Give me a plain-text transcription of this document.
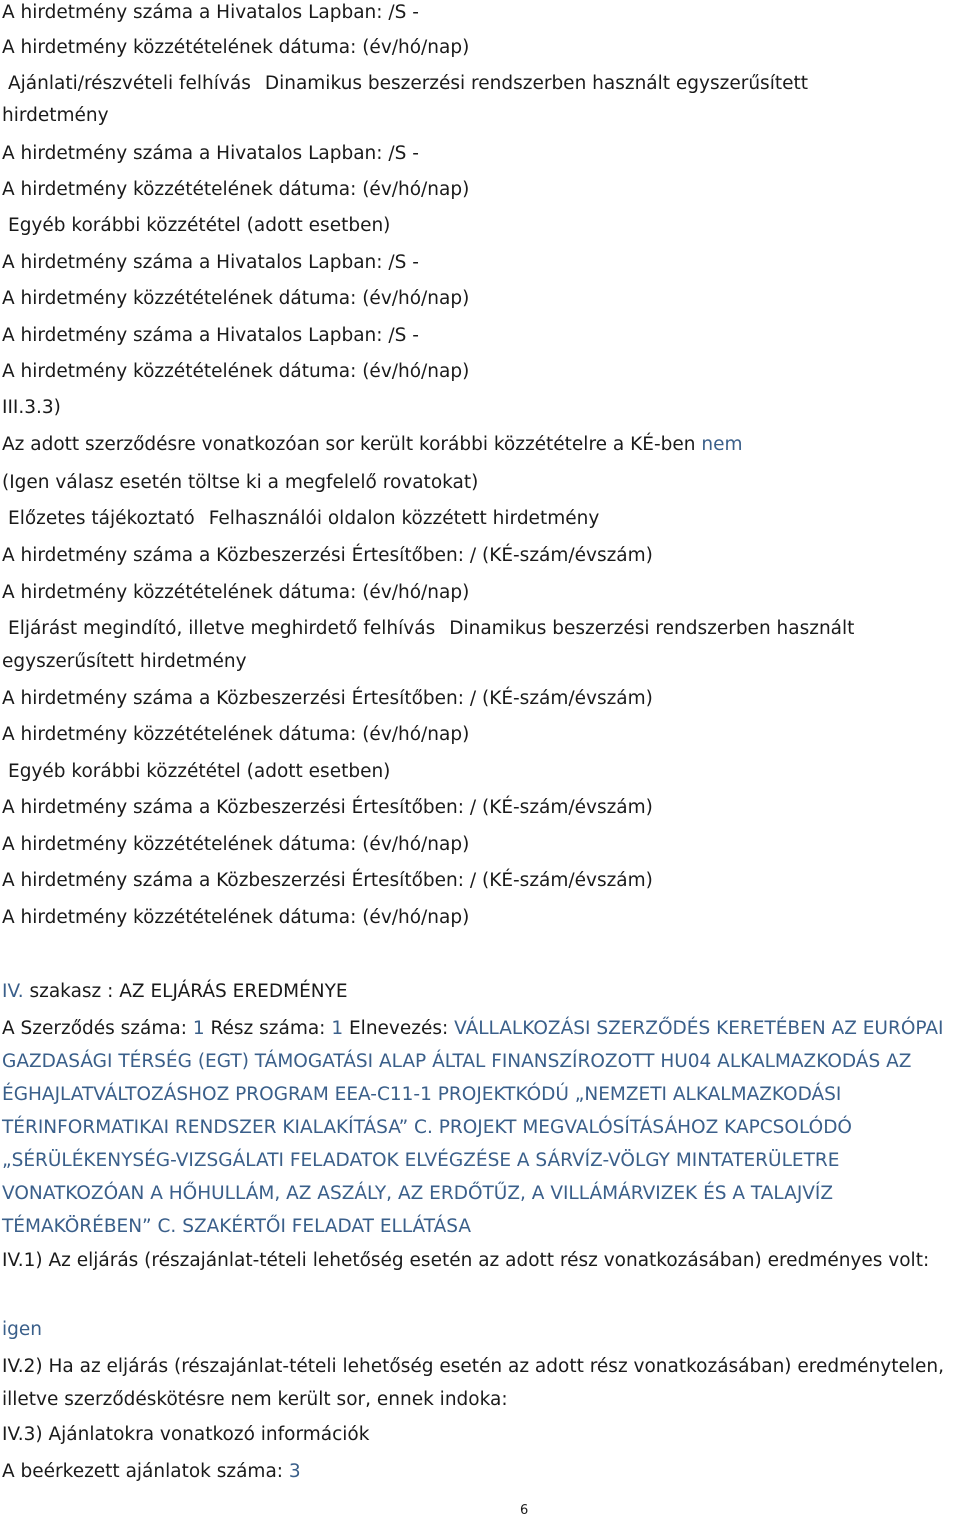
A hirdetmény száma a Hivatalos Lapban: /S -
A hirdetmény közzétételének dátuma: (év/hó/nap)
Ajánlati/részvételi felhívás Dinamikus beszerzési rendszerben használt egyszerűsített
hirdetmény
A hirdetmény száma a Hivatalos Lapban: /S -
A hirdetmény közzétételének dátuma: (év/hó/nap)
Egyéb korábbi közzététel (adott esetben)
A hirdetmény száma a Hivatalos Lapban: /S -
A hirdetmény közzétételének dátuma: (év/hó/nap)
A hirdetmény száma a Hivatalos Lapban: /S -
A hirdetmény közzétételének dátuma: (év/hó/nap)
III.3.3)
Az adott szerződésre vonatkozóan sor került korábbi közzétételre a KÉ-ben nem
(Igen válasz esetén töltse ki a megfelelő rovatokat)
Előzetes tájékoztató Felhasználói oldalon közzétett hirdetmény
A hirdetmény száma a Közbeszerzési Értesítőben: / (KÉ-szám/évszám)
A hirdetmény közzétételének dátuma: (év/hó/nap)
Eljárást megindító, illetve meghirdető felhívás Dinamikus beszerzési rendszerben használt
egyszerűsített hirdetmény
A hirdetmény száma a Közbeszerzési Értesítőben: / (KÉ-szám/évszám)
A hirdetmény közzétételének dátuma: (év/hó/nap)
Egyéb korábbi közzététel (adott esetben)
A hirdetmény száma a Közbeszerzési Értesítőben: / (KÉ-szám/évszám)
A hirdetmény közzétételének dátuma: (év/hó/nap)
A hirdetmény száma a Közbeszerzési Értesítőben: / (KÉ-szám/évszám)
A hirdetmény közzétételének dátuma: (év/hó/nap)
IV. szakasz : AZ ELJÁRÁS EREDMÉNYE
A Szerződés száma: 1 Rész száma: 1 Elnevezés: VÁLLALKOZÁSI SZERZŐDÉS KERETÉBEN AZ EURÓPAI GAZDASÁGI TÉRSÉG (EGT) TÁMOGATÁSI ALAP ÁLTAL FINANSZÍROZOTT HU04 ALKALMAZKODÁS AZ ÉGHAJLATVÁLTOZÁSHOZ PROGRAM EEA-C11-1 PROJEKTKÓDÚ „NEMZETI ALKALMAZKODÁSI TÉRINFORMATIKAI RENDSZER KIALAKÍTÁSA” C. PROJEKT MEGVALÓSÍTÁSÁHOZ KAPCSOLÓDÓ „SÉRÜLÉKENYSÉG-VIZSGÁLATI FELADATOK ELVÉGZÉSE A SÁRVÍZ-VÖLGY MINTATERÜLETRE VONATKOZÓAN A HŐHULLÁM, AZ ASZÁLY, AZ ERDŐTŰZ, A VILLÁMÁRVIZEK ÉS A TALAJVÍZ TÉMAKÖRÉBEN” C. SZAKÉRTŐI FELADAT ELLÁTÁSA
IV.1) Az eljárás (részajánlat-tételi lehetőség esetén az adott rész vonatkozásában) eredményes volt:
igen
IV.2) Ha az eljárás (részajánlat-tételi lehetőség esetén az adott rész vonatkozásában) eredménytelen, illetve szerződéskötésre nem került sor, ennek indoka:
IV.3) Ajánlatokra vonatkozó információk
A beérkezett ajánlatok száma: 3
6
